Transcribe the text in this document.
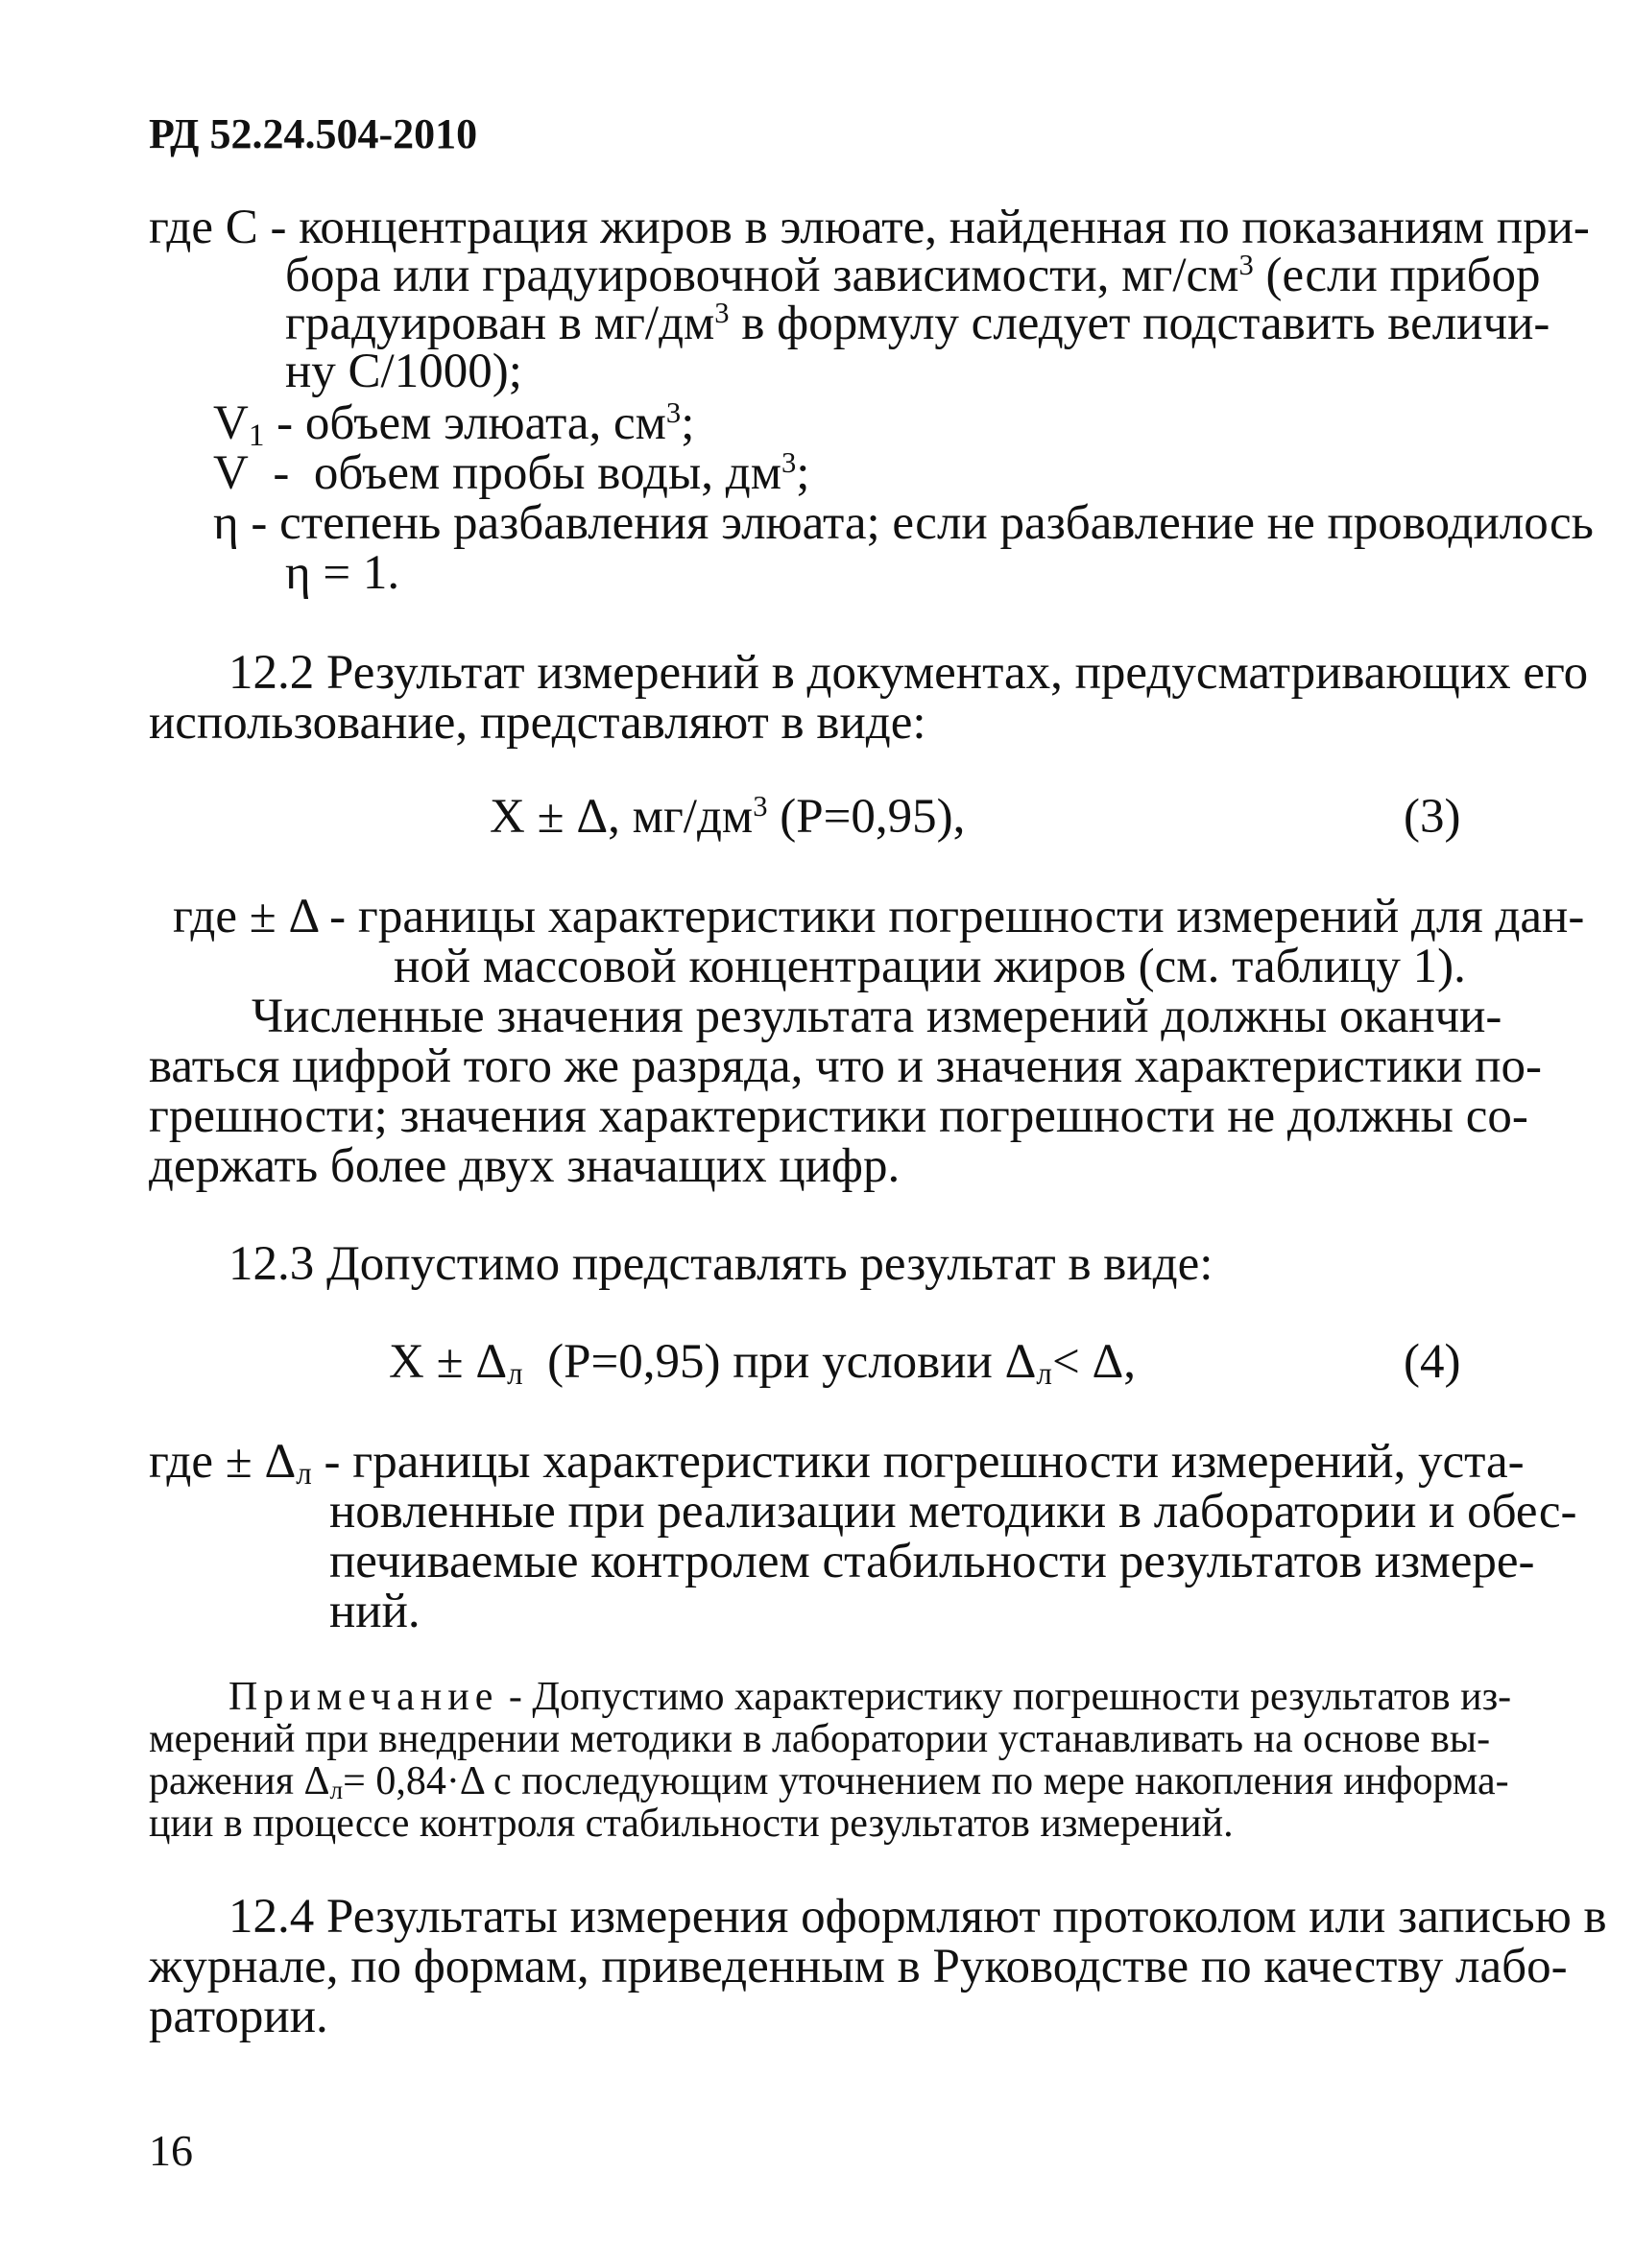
РД 52.24.504-2010
где С - концентрация жиров в элюате, найденная по показаниям при-
бора или градуировочной зависимости, $мг/см^3$ (если прибор
градуирован в $мг/дм^3$ в формулу следует подставить величи-
ну С/1000);
$V_1$ - объем элюата, $см^3$;
V  -  объем пробы воды, $дм^3$;
η - степень разбавления элюата; если разбавление не проводилось
η = 1.
12.2 Результат измерений в документах, предусматривающих его
использование, представляют в виде:
Х ± Δ, $мг/дм^3$ (Р=0,95),	(3)
где ± Δ - границы характеристики погрешности измерений для дан-
ной массовой концентрации жиров (см. таблицу 1).
Численные значения результата измерений должны оканчи-
ваться цифрой того же разряда, что и значения характеристики по-
грешности; значения характеристики погрешности не должны со-
держать более двух значащих цифр.
12.3 Допустимо представлять результат в виде:
$Х \pm \Delta_л$ (Р=0,95) при условии $\Delta_л< \Delta$,	(4)
где ± $\Delta_л$ - границы характеристики погрешности измерений, уста-
новленные при реализации методики в лаборатории и обес-
печиваемые контролем стабильности результатов измере-
ний.
Примечание - Допустимо характеристику погрешности результатов из-
мерений при внедрении методики в лаборатории устанавливать на основе вы-
ражения $\Delta_л= 0,84\cdot\Delta$ с последующим уточнением по мере накопления информа-
ции в процессе контроля стабильности результатов измерений.
12.4 Результаты измерения оформляют протоколом или записью в
журнале, по формам, приведенным в Руководстве по качеству лабо-
ратории.
16
